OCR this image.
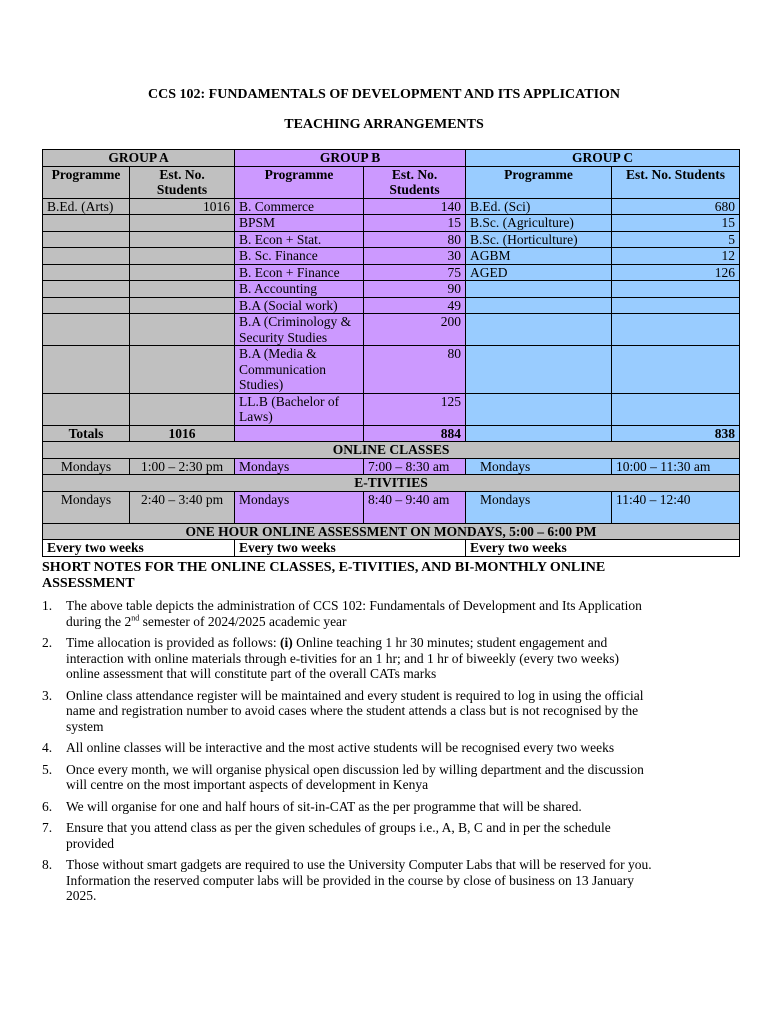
CCS 102: FUNDAMENTALS OF DEVELOPMENT AND ITS APPLICATION
TEACHING ARRANGEMENTS
GROUP A		GROUP B		GROUP C	
Programme	Est. No. Students	Programme	Est. No. Students	Programme	Est. No. Students
B.Ed. (Arts)	1016	B. Commerce	140	B.Ed. (Sci)	680
		BPSM	15	B.Sc. (Agriculture)	15
		B. Econ + Stat.	80	B.Sc. (Horticulture)	5
		B. Sc. Finance	30	AGBM	12
		B. Econ + Finance	75	AGED	126
		B. Accounting	90		
		B.A (Social work)	49		
		B.A (Criminology & Security Studies	200		
		B.A (Media & Communication Studies)	80		
		LL.B (Bachelor of Laws)	125		
Totals	1016		884		838
ONLINE CLASSES					
Mondays	1:00 – 2:30 pm	Mondays	7:00 – 8:30 am	Mondays	10:00 – 11:30 am
E-TIVITIES					
Mondays	2:40 – 3:40 pm	Mondays	8:40 – 9:40 am	Mondays	11:40 – 12:40
ONE HOUR ONLINE ASSESSMENT ON MONDAYS, 5:00 – 6:00 PM					
Every two weeks		Every two weeks		Every two weeks	
SHORT NOTES FOR THE ONLINE CLASSES, E-TIVITIES, AND BI-MONTHLY ONLINE ASSESSMENT
1. The above table depicts the administration of CCS 102: Fundamentals of Development and Its Application during the 2nd semester of 2024/2025 academic year
2. Time allocation is provided as follows: (i) Online teaching 1 hr 30 minutes; student engagement and interaction with online materials through e-tivities for an 1 hr; and 1 hr of biweekly (every two weeks) online assessment that will constitute part of the overall CATs marks
3. Online class attendance register will be maintained and every student is required to log in using the official name and registration number to avoid cases where the student attends a class but is not recognised by the system
4. All online classes will be interactive and the most active students will be recognised every two weeks
5. Once every month, we will organise physical open discussion led by willing department and the discussion will centre on the most important aspects of development in Kenya
6. We will organise for one and half hours of sit-in-CAT as the per programme that will be shared.
7. Ensure that you attend class as per the given schedules of groups i.e., A, B, C and in per the schedule provided
8. Those without smart gadgets are required to use the University Computer Labs that will be reserved for you. Information the reserved computer labs will be provided in the course by close of business on 13 January 2025.
